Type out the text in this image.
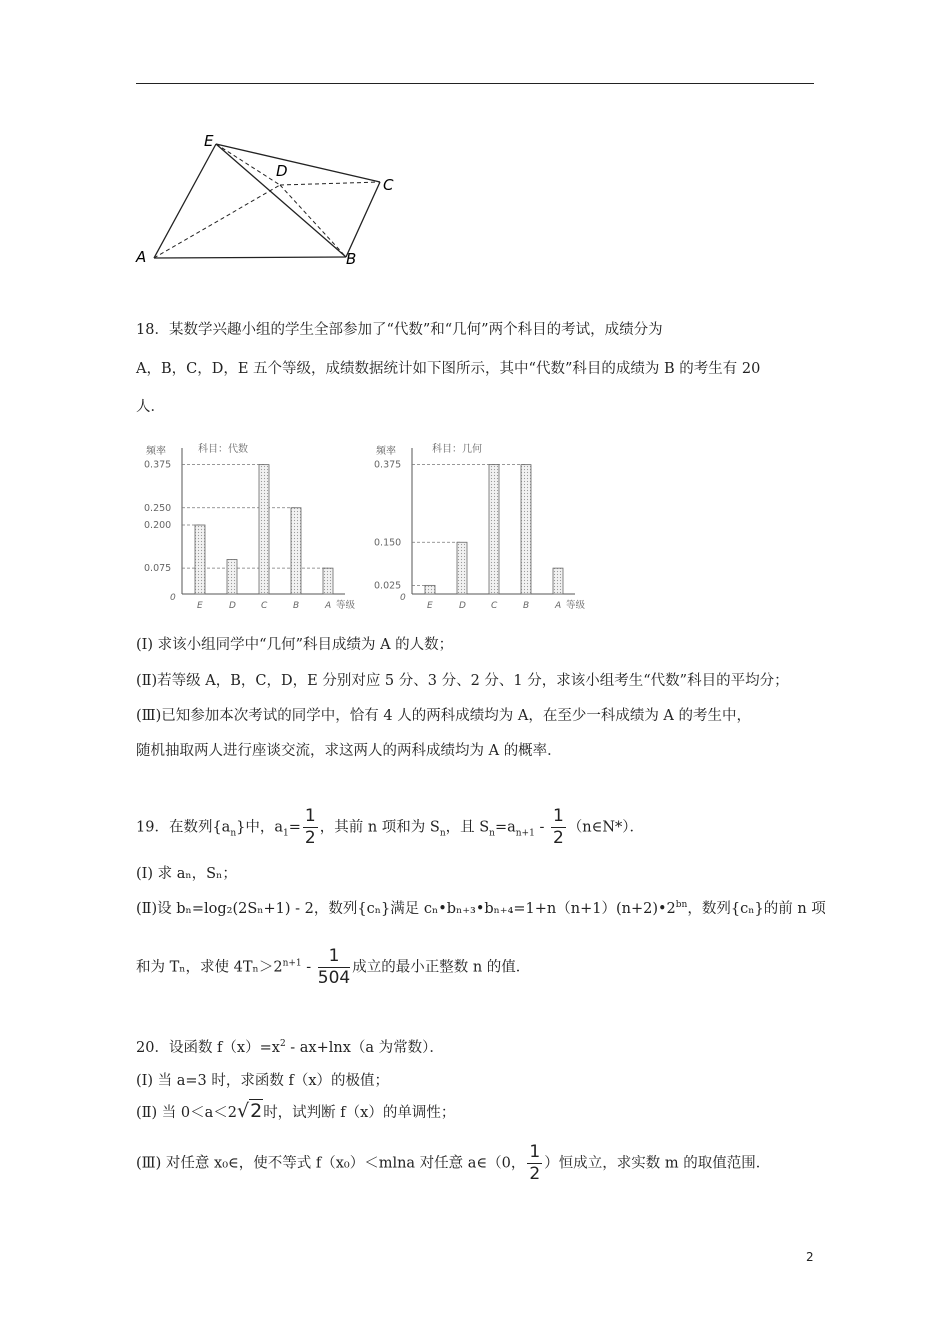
E
D
C
A	B
18．某数学兴趣小组的学生全部参加了“代数”和“几何”两个科目的考试，成绩分为
A，B，C，D，E 五个等级，成绩数据统计如下图所示，其中“代数”科目的成绩为 B 的考生有 20
人．
频率	科目：代数
0
0.375
0.250
0.200
0.075
E	D	C	B	A 等级
频率	科目：几何
0
0.375
0.150
0.025
E	D	C	B	A 等级
(Ⅰ) 求该小组同学中“几何”科目成绩为 A 的人数；
(Ⅱ)若等级 A，B，C，D，E 分别对应 5 分、3 分、2 分、1 分，求该小组考生“代数”科目的平均分；
(Ⅲ)已知参加本次考试的同学中，恰有 4 人的两科成绩均为 A，在至少一科成绩为 A 的考生中，
随机抽取两人进行座谈交流，求这两人的两科成绩均为 A 的概率．
19．在数列$\{a_n\}$中，$a_1= \frac{1}{2}$ ，其前 n 项和为 $S_n$，且 $S_n=a_{n+1} - \frac{1}{2}$ （n∈N*）．
(Ⅰ) 求 aₙ，Sₙ；
(Ⅱ)设 bₙ=log₂(2Sₙ+1) - 2，数列{cₙ}满足 $c_n•b_{n+3}•b_{n+4}=1+n(n+1)(n+2)•2^{bn}$，数列{cₙ}的前 n 项
和为 Tₙ，求使 $4T_n>2^{n+1} - \frac{1}{504}$ 成立的最小正整数 n 的值．
20．设函数 $f(x)=x^2 - ax+\ln x(a$ 为常数）．
(Ⅰ) 当 a=3 时，求函数 f（x）的极值；
(Ⅱ) 当 0＜a＜2√2时，试判断 f（x）的单调性；
(Ⅲ) 对任意 x₀∈，使不等式 f（x₀）＜mlna 对任意 a∈（0， $\frac{1}{2}$ ）恒成立，求实数 m 的取值范围．
2
